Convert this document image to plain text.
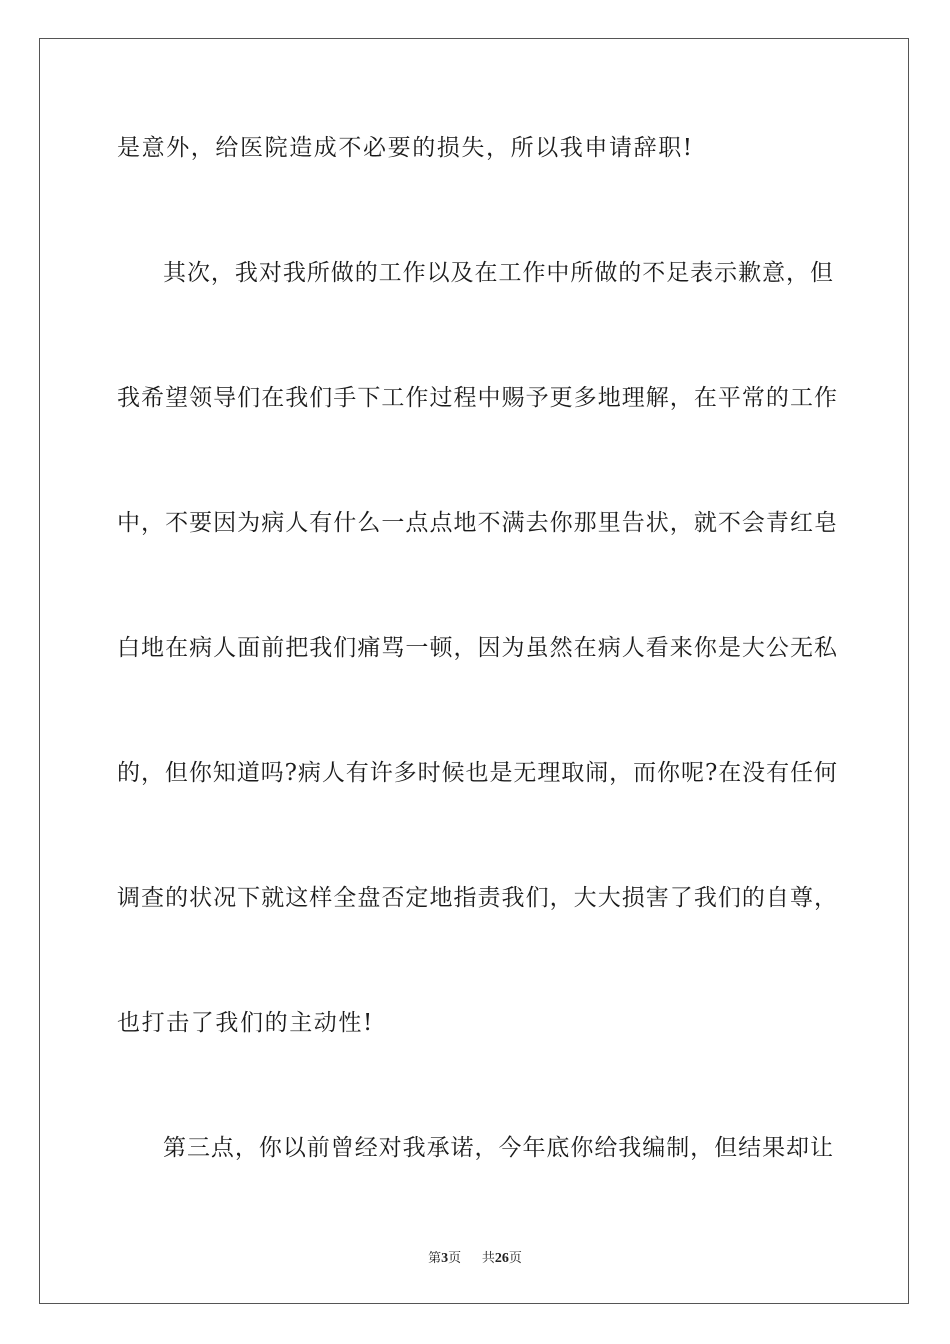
是意外，给医院造成不必要的损失，所以我申请辞职!

其次，我对我所做的工作以及在工作中所做的不足表示歉意，但

我希望领导们在我们手下工作过程中赐予更多地理解，在平常的工作

中，不要因为病人有什么一点点地不满去你那里告状，就不会青红皂

白地在病人面前把我们痛骂一顿，因为虽然在病人看来你是大公无私

的，但你知道吗?病人有许多时候也是无理取闹，而你呢?在没有任何

调查的状况下就这样全盘否定地指责我们，大大损害了我们的自尊，

也打击了我们的主动性!

第三点，你以前曾经对我承诺，今年底你给我编制，但结果却让

第3页 共26页
